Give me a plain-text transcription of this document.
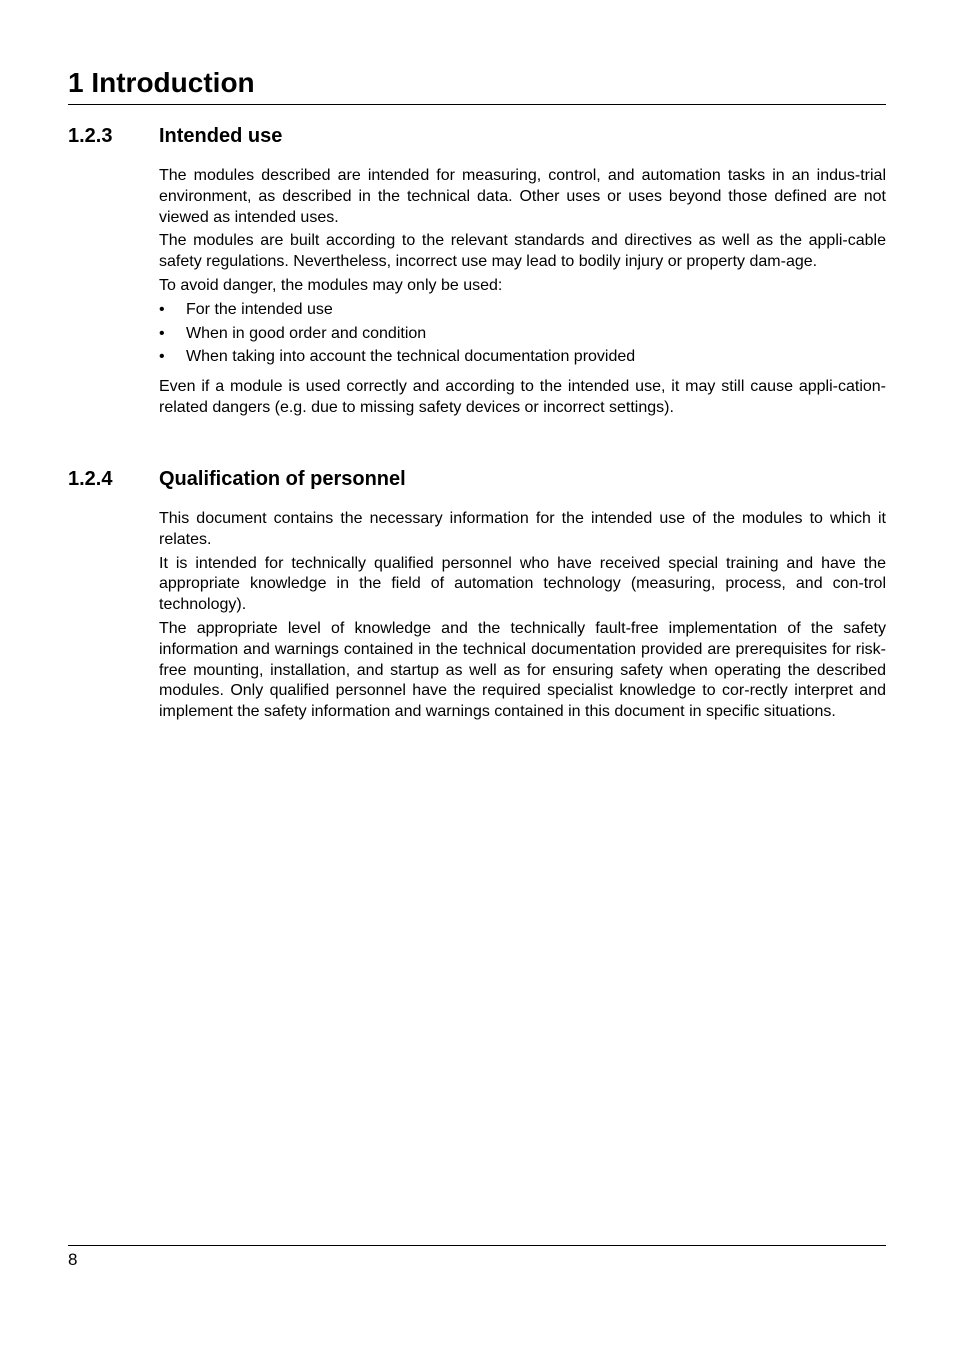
1 Introduction
1.2.3	Intended use

The modules described are intended for measuring, control, and automation tasks in an indus-trial environment, as described in the technical data. Other uses or uses beyond those defined are not viewed as intended uses.

The modules are built according to the relevant standards and directives as well as the appli-cable safety regulations. Nevertheless, incorrect use may lead to bodily injury or property dam-age.

To avoid danger, the modules may only be used:

• For the intended use
• When in good order and condition
• When taking into account the technical documentation provided

Even if a module is used correctly and according to the intended use, it may still cause appli-cation-related dangers (e.g. due to missing safety devices or incorrect settings).

1.2.4	Qualification of personnel

This document contains the necessary information for the intended use of the modules to which it relates.

It is intended for technically qualified personnel who have received special training and have the appropriate knowledge in the field of automation technology (measuring, process, and con-trol technology).

The appropriate level of knowledge and the technically fault-free implementation of the safety information and warnings contained in the technical documentation provided are prerequisites for risk-free mounting, installation, and startup as well as for ensuring safety when operating the described modules. Only qualified personnel have the required specialist knowledge to cor-rectly interpret and implement the safety information and warnings contained in this document in specific situations.

8
